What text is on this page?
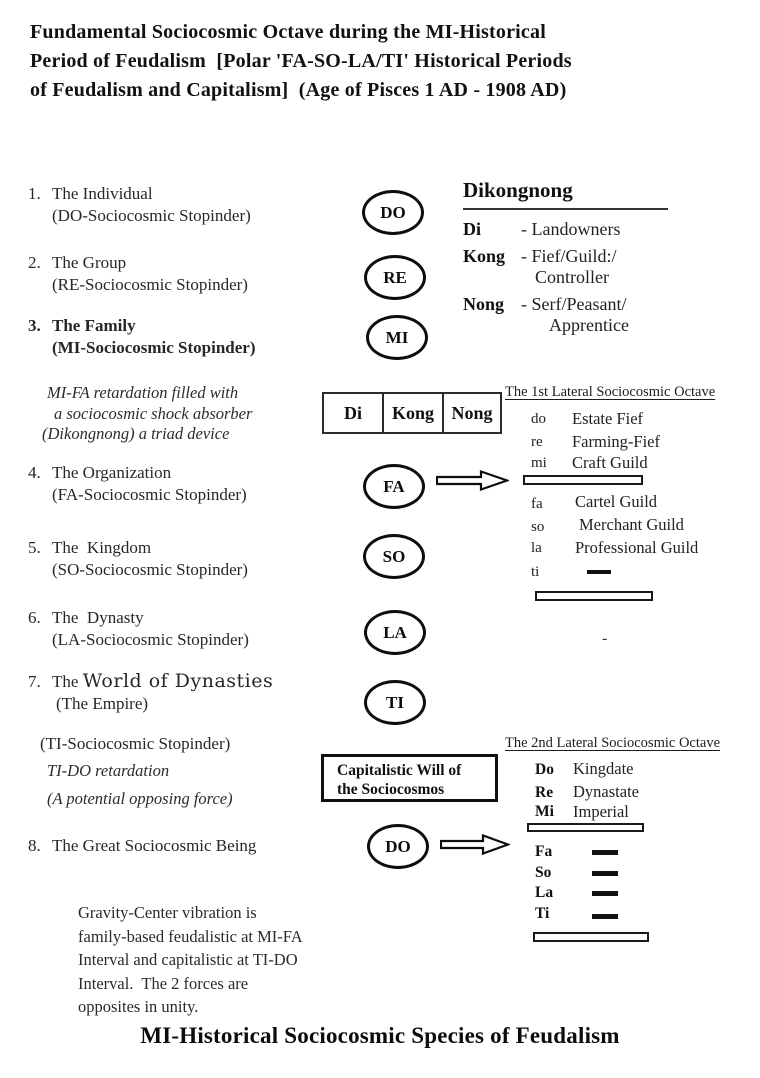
Fundamental Sociocosmic Octave during the MI-Historical
Period of Feudalism  [Polar 'FA-SO-LA/TI' Historical Periods
of Feudalism and Capitalism]  (Age of Pisces 1 AD - 1908 AD)
1. The Individual
(DO-Sociocosmic Stopinder)
2. The Group
(RE-Sociocosmic Stopinder)
3. The Family
(MI-Sociocosmic Stopinder)
MI-FA retardation filled with
a sociocosmic shock absorber
(Dikongnong) a triad device
4. The Organization
(FA-Sociocosmic Stopinder)
5. The  Kingdom
(SO-Sociocosmic Stopinder)
6. The  Dynasty
(LA-Sociocosmic Stopinder)
7. The World of Dynasties
(The Empire)
(TI-Sociocosmic Stopinder)
TI-DO retardation
(A potential opposing force)
8. The Great Sociocosmic Being
DO
RE
MI
FA
SO
LA
TI
DO
Di	Kong Nong
Dikongnong
Di	- Landowners
Kong - Fief/Guild:/
Controller
Nong - Serf/Peasant/
Apprentice
The 1st Lateral Sociocosmic Octave
do Estate Fief
re Farming-Fief
mi Craft Guild
fa Cartel Guild
so Merchant Guild
la Professional Guild
ti
-
Capitalistic Will of
the Sociocosmos
The 2nd Lateral Sociocosmic Octave
Do Kingdate
Re Dynastate
Mi Imperial
Fa
So
La
Ti
Gravity-Center vibration is
family-based feudalistic at MI-FA
Interval and capitalistic at TI-DO
Interval.  The 2 forces are
opposites in unity.
MI-Historical Sociocosmic Species of Feudalism
